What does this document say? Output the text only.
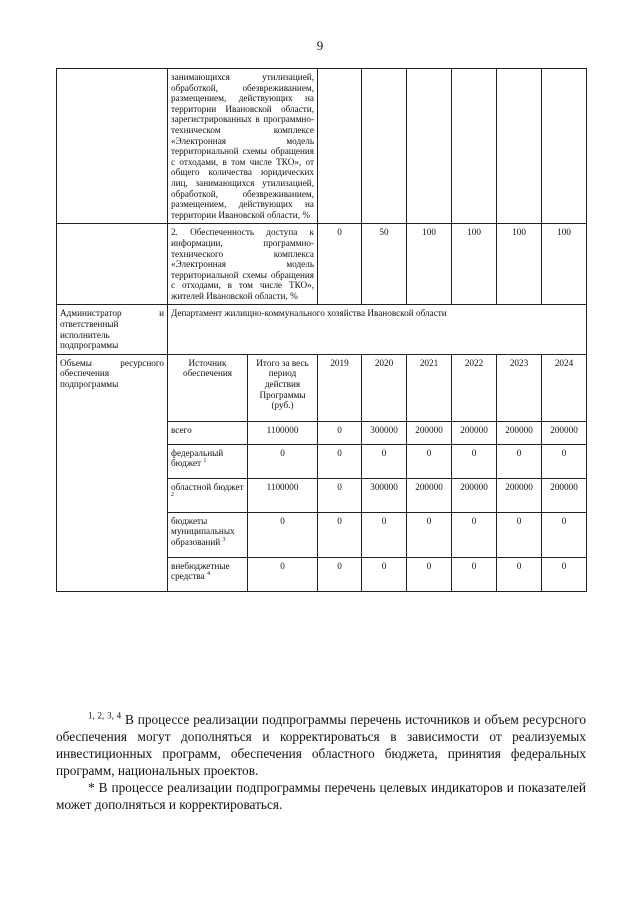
9
	занимающихся утилизацией, обработкой, обезвреживанием, размещением, действующих на территории Ивановской области, зарегистрированных в программно-техническом комплексе «Электронная модель территориальной схемы обращения с отходами, в том числе ТКО», от общего количества юридических лиц, занимающихся утилизацией, обработкой, обезвреживанием, размещением, действующих на территории Ивановской области, %							
	2. Обеспеченность доступа к информации, программно-технического комплекса «Электронная модель территориальной схемы обращения с отходами, в том числе ТКО», жителей Ивановской области, %		0	50	100	100	100	100
Администратор и ответственный исполнитель подпрограммы	Департамент жилищно-коммунального хозяйства Ивановской области							
Объемы ресурсного обеспечения подпрограммы	Источник обеспечения	Итого за весь период действия Программы (руб.)	2019	2020	2021	2022	2023	2024
	всего	1100000	0	300000	200000	200000	200000	200000
	федеральный бюджет $^1$	0	0	0	0	0	0	0
	областной бюджет $^2$	1100000	0	300000	200000	200000	200000	200000
	бюджеты муниципальных образований $^3$	0	0	0	0	0	0	0
	внебюджетные средства $^4$	0	0	0	0	0	0	0

$^{1, 2, 3, 4}$ В процессе реализации подпрограммы перечень источников и объем ресурсного обеспечения могут дополняться и корректироваться в зависимости от реализуемых инвестиционных программ, обеспечения областного бюджета, принятия федеральных программ, национальных проектов.

* В процессе реализации подпрограммы перечень целевых индикаторов и показателей может дополняться и корректироваться.
